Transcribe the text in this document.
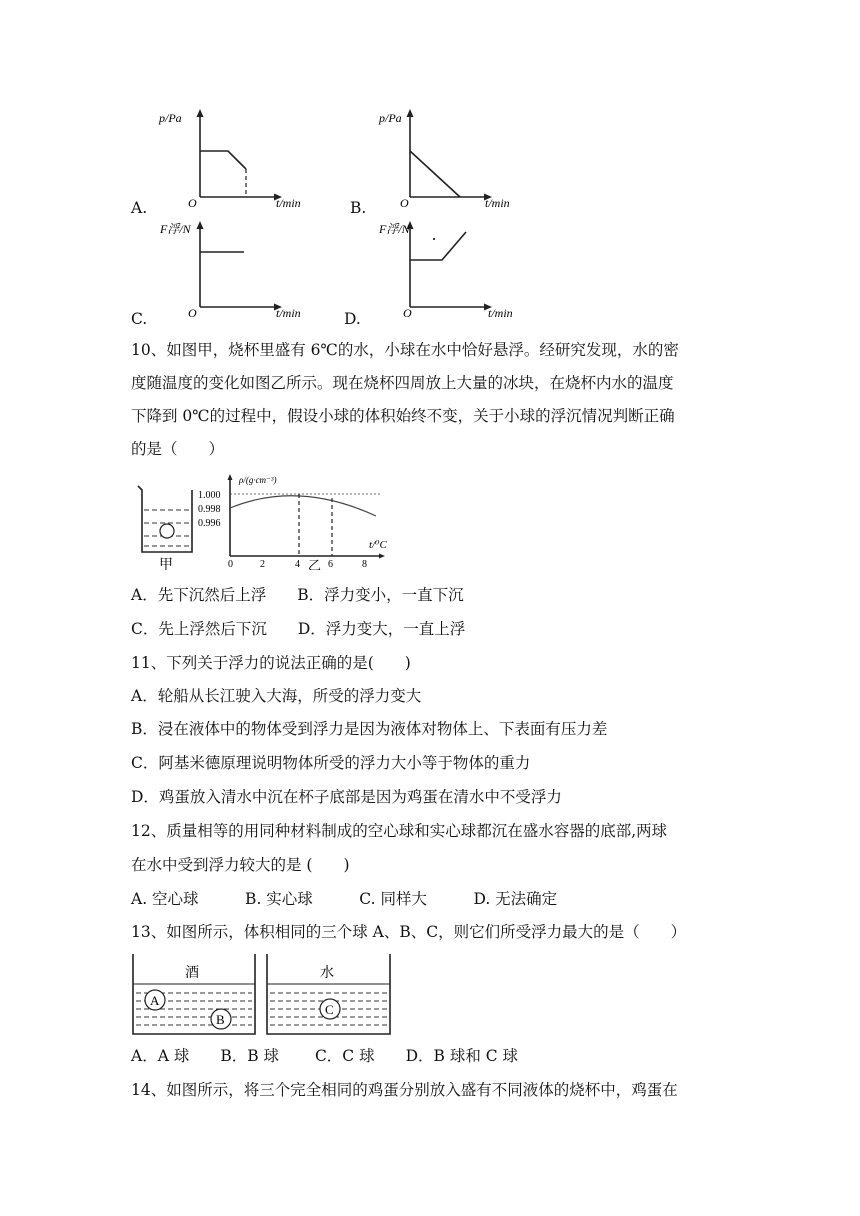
A.
p/Pa
O	t/min	B.
p/Pa
O	t/min
C.
F浮/N
O	t/min	D.
F浮/N
O	t/min
10、如图甲，烧杯里盛有 6℃的水，小球在水中恰好悬浮。经研究发现，水的密
度随温度的变化如图乙所示。现在烧杯四周放上大量的冰块，在烧杯内水的温度
下降到 0℃的过程中，假设小球的体积始终不变，关于小球的浮沉情况判断正确
的是（　　）
甲
ρ/(g·cm⁻³)
1.000
0.998
0.996
0	2	4	6	8
乙
t/⁰C
A．先下沉然后上浮　　B．浮力变小，一直下沉
C．先上浮然后下沉　　D．浮力变大，一直上浮
11、下列关于浮力的说法正确的是(　　)
A．轮船从长江驶入大海，所受的浮力变大
B．浸在液体中的物体受到浮力是因为液体对物体上、下表面有压力差
C．阿基米德原理说明物体所受的浮力大小等于物体的重力
D．鸡蛋放入清水中沉在杯子底部是因为鸡蛋在清水中不受浮力
12、质量相等的用同种材料制成的空心球和实心球都沉在盛水容器的底部,两球
在水中受到浮力较大的是 (　　)
A. 空心球　　　B. 实心球　　　C. 同样大　　　D. 无法确定
13、如图所示，体积相同的三个球 A、B、C，则它们所受浮力最大的是（　　）
酒
A
B
水
C
A．A 球　　B．B 球　　 C．C 球　　D．B 球和 C 球
14、如图所示，将三个完全相同的鸡蛋分别放入盛有不同液体的烧杯中，鸡蛋在
